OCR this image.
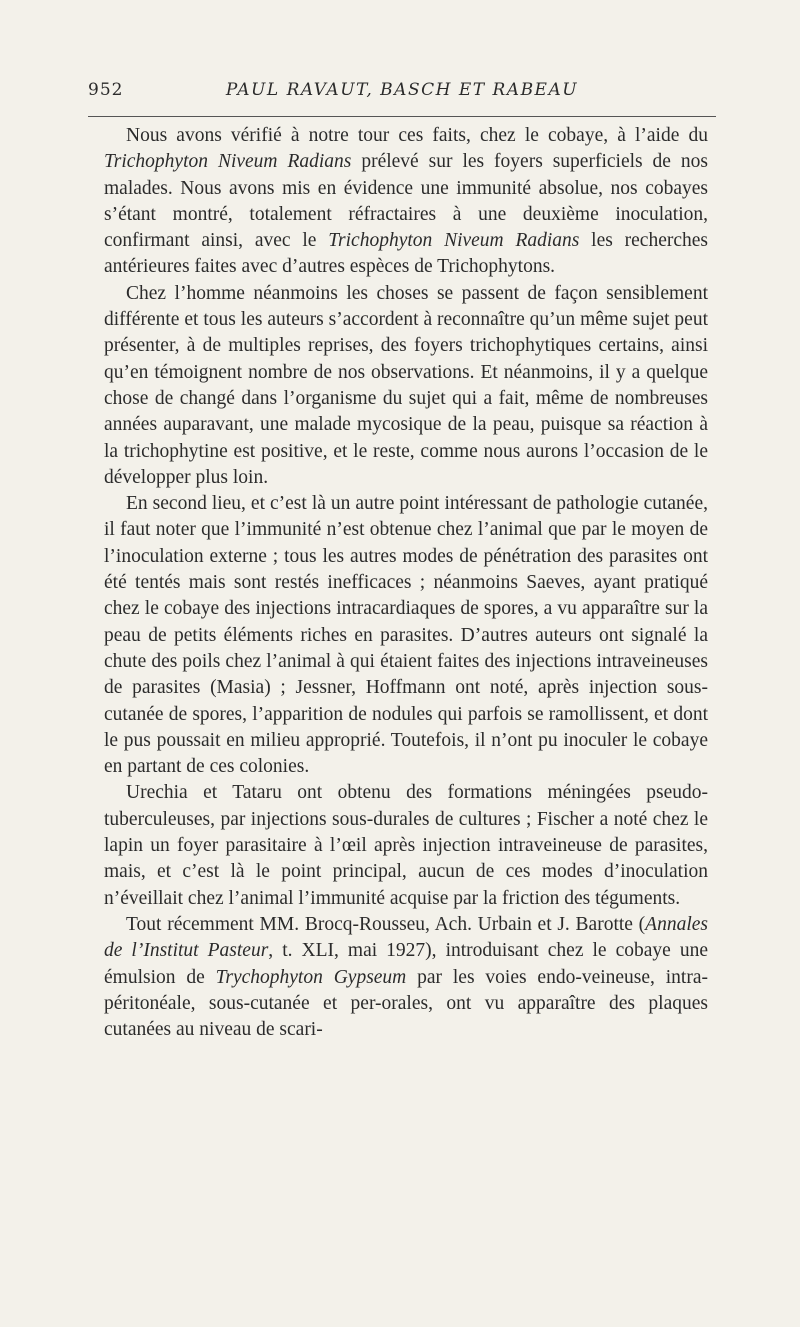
952	PAUL RAVAUT, BASCH ET RABEAU

Nous avons vérifié à notre tour ces faits, chez le cobaye, à l’aide du Trichophyton Niveum Radians prélevé sur les foyers superficiels de nos malades. Nous avons mis en évidence une immunité absolue, nos cobayes s’étant montré, totalement réfractaires à une deuxième inoculation, confirmant ainsi, avec le Trichophyton Niveum Radians les recherches antérieures faites avec d’autres espèces de Trichophytons.

Chez l’homme néanmoins les choses se passent de façon sensiblement différente et tous les auteurs s’accordent à reconnaître qu’un même sujet peut présenter, à de multiples reprises, des foyers trichophytiques certains, ainsi qu’en témoignent nombre de nos observations. Et néanmoins, il y a quelque chose de changé dans l’organisme du sujet qui a fait, même de nombreuses années auparavant, une malade mycosique de la peau, puisque sa réaction à la trichophytine est positive, et le reste, comme nous aurons l’occasion de le développer plus loin.

En second lieu, et c’est là un autre point intéressant de pathologie cutanée, il faut noter que l’immunité n’est obtenue chez l’animal que par le moyen de l’inoculation externe ; tous les autres modes de pénétration des parasites ont été tentés mais sont restés inefficaces ; néanmoins Saeves, ayant pratiqué chez le cobaye des injections intracardiaques de spores, a vu apparaître sur la peau de petits éléments riches en parasites. D’autres auteurs ont signalé la chute des poils chez l’animal à qui étaient faites des injections intraveineuses de parasites (Masia) ; Jessner, Hoffmann ont noté, après injection sous-cutanée de spores, l’apparition de nodules qui parfois se ramollissent, et dont le pus poussait en milieu approprié. Toutefois, il n’ont pu inoculer le cobaye en partant de ces colonies.

Urechia et Tataru ont obtenu des formations méningées pseudo-tuberculeuses, par injections sous-durales de cultures ; Fischer a noté chez le lapin un foyer parasitaire à l’œil après injection intraveineuse de parasites, mais, et c’est là le point principal, aucun de ces modes d’inoculation n’éveillait chez l’animal l’immunité acquise par la friction des téguments.

Tout récemment MM. Brocq-Rousseu, Ach. Urbain et J. Barotte (Annales de l’Institut Pasteur, t. XLI, mai 1927), introduisant chez le cobaye une émulsion de Trychophyton Gypseum par les voies endo-veineuse, intra-péritonéale, sous-cutanée et per-orales, ont vu apparaître des plaques cutanées au niveau de scari-
